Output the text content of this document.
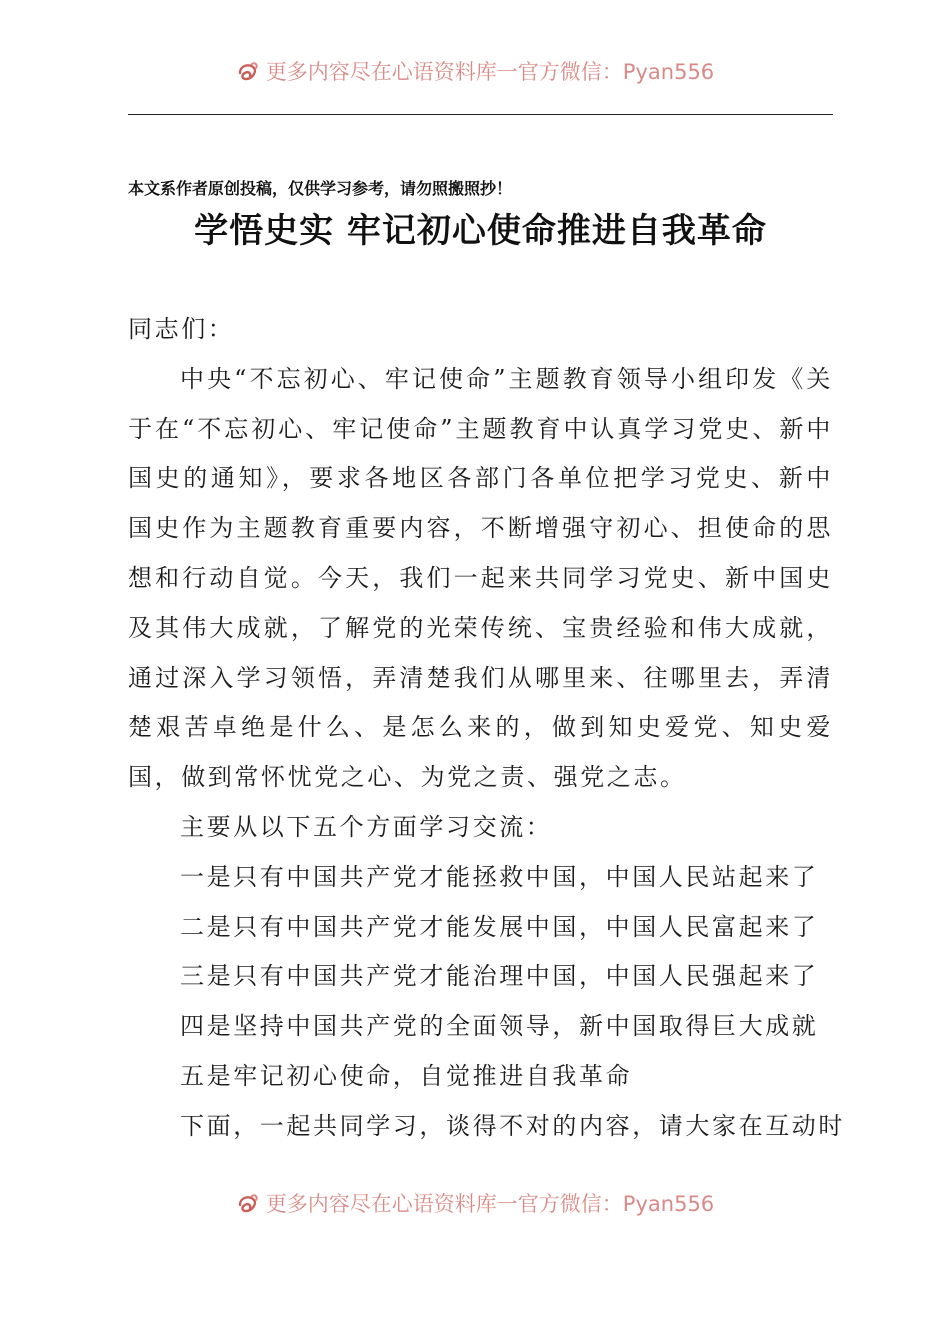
更多内容尽在心语资料库一官方微信：Pyan556
本文系作者原创投稿，仅供学习参考，请勿照搬照抄！
学悟史实 牢记初心使命推进自我革命

同志们：

中央“不忘初心、牢记使命”主题教育领导小组印发《关于在“不忘初心、牢记使命”主题教育中认真学习党史、新中国史的通知》，要求各地区各部门各单位把学习党史、新中国史作为主题教育重要内容，不断增强守初心、担使命的思想和行动自觉。今天，我们一起来共同学习党史、新中国史及其伟大成就，了解党的光荣传统、宝贵经验和伟大成就，通过深入学习领悟，弄清楚我们从哪里来、往哪里去，弄清楚艰苦卓绝是什么、是怎么来的，做到知史爱党、知史爱国，做到常怀忧党之心、为党之责、强党之志。

主要从以下五个方面学习交流：

一是只有中国共产党才能拯救中国，中国人民站起来了

二是只有中国共产党才能发展中国，中国人民富起来了

三是只有中国共产党才能治理中国，中国人民强起来了

四是坚持中国共产党的全面领导，新中国取得巨大成就

五是牢记初心使命，自觉推进自我革命

下面，一起共同学习，谈得不对的内容，请大家在互动时

更多内容尽在心语资料库一官方微信：Pyan556
